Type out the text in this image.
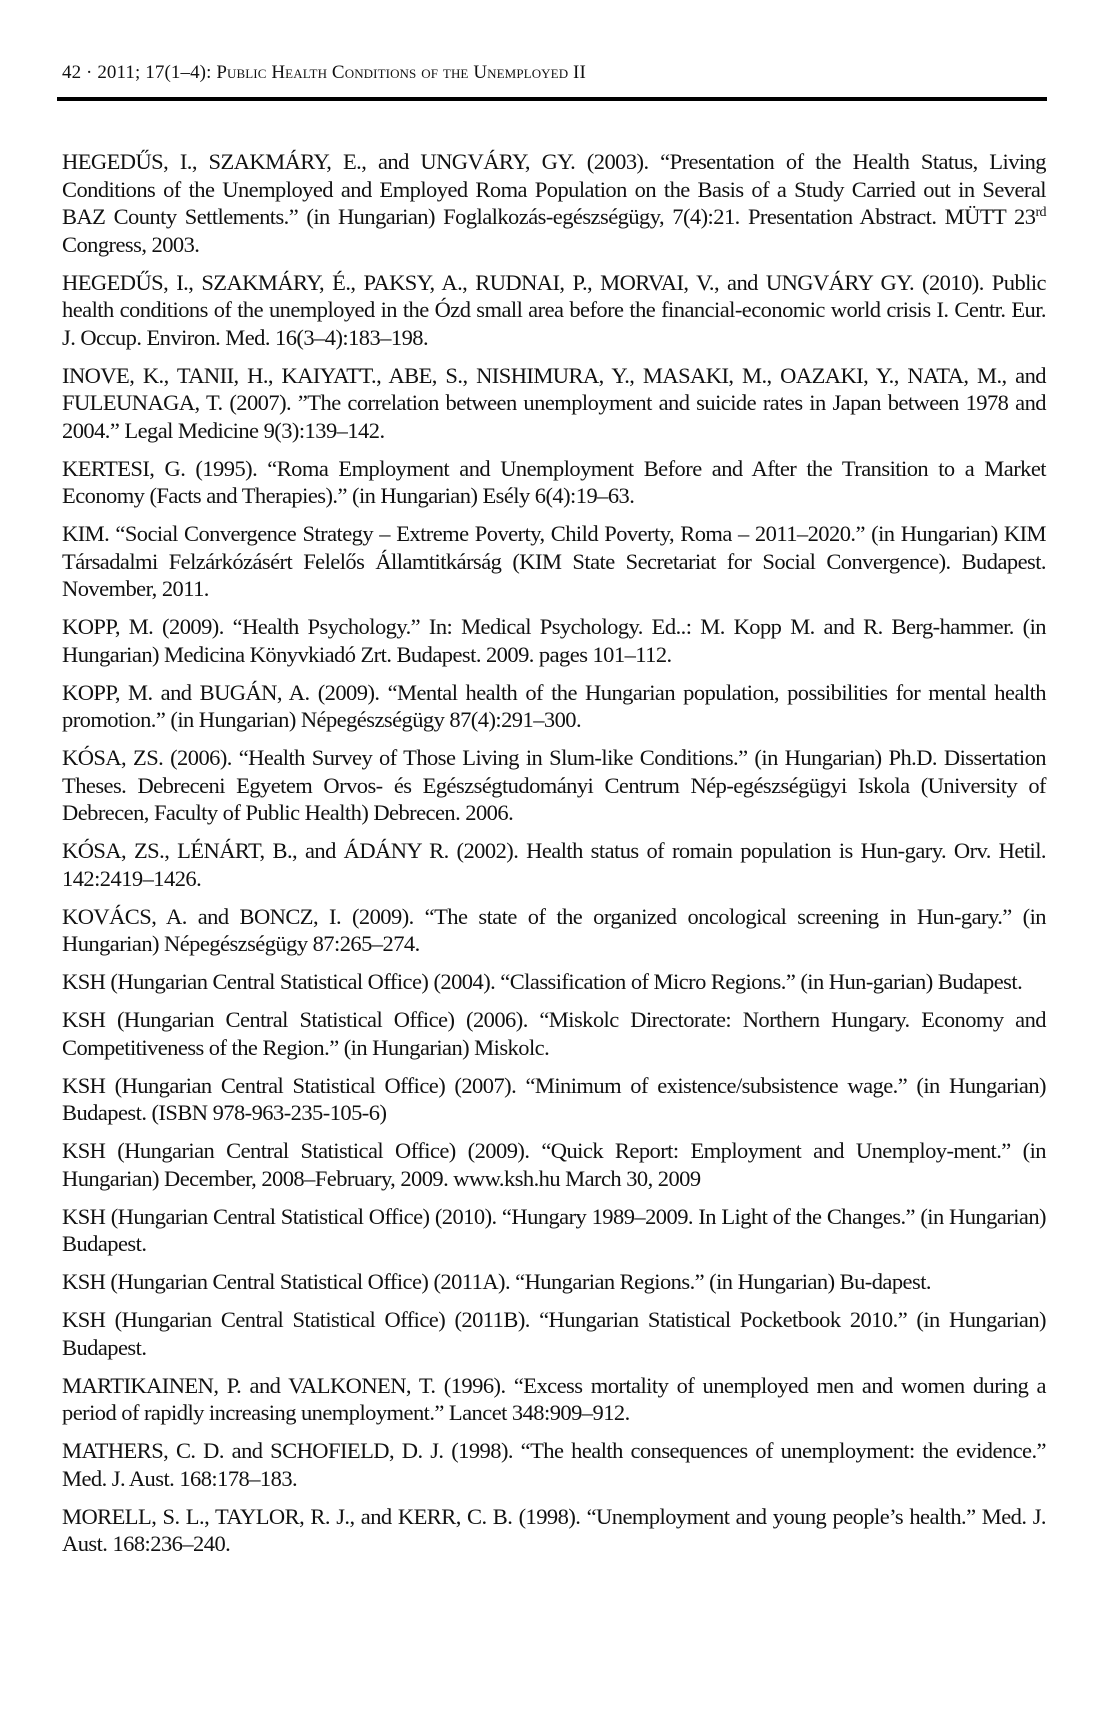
42 · 2011; 17(1–4): Public Health Conditions of the Unemployed II

HEGEDŰS, I., SZAKMÁRY, E., and UNGVÁRY, GY. (2003). “Presentation of the Health Status, Living Conditions of the Unemployed and Employed Roma Population on the Basis of a Study Carried out in Several BAZ County Settlements.” (in Hungarian) Foglalkozás-egészségügy, 7(4):21. Presentation Abstract. MÜTT 23rd Congress, 2003.

HEGEDŰS, I., SZAKMÁRY, É., PAKSY, A., RUDNAI, P., MORVAI, V., and UNGVÁRY GY. (2010). Public health conditions of the unemployed in the Ózd small area before the financial-economic world crisis I. Centr. Eur. J. Occup. Environ. Med. 16(3–4):183–198.

INOVE, K., TANII, H., KAIYATT., ABE, S., NISHIMURA, Y., MASAKI, M., OAZAKI, Y., NATA, M., and FULEUNAGA, T. (2007). ”The correlation between unemployment and suicide rates in Japan between 1978 and 2004.” Legal Medicine 9(3):139–142.

KERTESI, G. (1995). “Roma Employment and Unemployment Before and After the Transition to a Market Economy (Facts and Therapies).” (in Hungarian) Esély 6(4):19–63.

KIM. “Social Convergence Strategy – Extreme Poverty, Child Poverty, Roma – 2011–2020.” (in Hungarian) KIM Társadalmi Felzárkózásért Felelős Államtitkárság (KIM State Secretariat for Social Convergence). Budapest. November, 2011.

KOPP, M. (2009). “Health Psychology.” In: Medical Psychology. Ed..: M. Kopp M. and R. Berg-hammer. (in Hungarian) Medicina Könyvkiadó Zrt. Budapest. 2009. pages 101–112.

KOPP, M. and BUGÁN, A. (2009). “Mental health of the Hungarian population, possibilities for mental health promotion.” (in Hungarian) Népegészségügy 87(4):291–300.

KÓSA, ZS. (2006). “Health Survey of Those Living in Slum-like Conditions.” (in Hungarian) Ph.D. Dissertation Theses. Debreceni Egyetem Orvos- és Egészségtudományi Centrum Nép-egészségügyi Iskola (University of Debrecen, Faculty of Public Health) Debrecen. 2006.

KÓSA, ZS., LÉNÁRT, B., and ÁDÁNY R. (2002). Health status of romain population is Hun-gary. Orv. Hetil. 142:2419–1426.

KOVÁCS, A. and BONCZ, I. (2009). “The state of the organized oncological screening in Hun-gary.” (in Hungarian) Népegészségügy 87:265–274.

KSH (Hungarian Central Statistical Office) (2004). “Classification of Micro Regions.” (in Hun-garian) Budapest.

KSH (Hungarian Central Statistical Office) (2006). “Miskolc Directorate: Northern Hungary. Economy and Competitiveness of the Region.” (in Hungarian) Miskolc.

KSH (Hungarian Central Statistical Office) (2007). “Minimum of existence/subsistence wage.” (in Hungarian) Budapest. (ISBN 978-963-235-105-6)

KSH (Hungarian Central Statistical Office) (2009). “Quick Report: Employment and Unemploy-ment.” (in Hungarian) December, 2008–February, 2009. www.ksh.hu March 30, 2009

KSH (Hungarian Central Statistical Office) (2010). “Hungary 1989–2009. In Light of the Changes.” (in Hungarian) Budapest.

KSH (Hungarian Central Statistical Office) (2011A). “Hungarian Regions.” (in Hungarian) Bu-dapest.

KSH (Hungarian Central Statistical Office) (2011B). “Hungarian Statistical Pocketbook 2010.” (in Hungarian) Budapest.

MARTIKAINEN, P. and VALKONEN, T. (1996). “Excess mortality of unemployed men and women during a period of rapidly increasing unemployment.” Lancet 348:909–912.

MATHERS, C. D. and SCHOFIELD, D. J. (1998). “The health consequences of unemployment: the evidence.” Med. J. Aust. 168:178–183.

MORELL, S. L., TAYLOR, R. J., and KERR, C. B. (1998). “Unemployment and young people’s health.” Med. J. Aust. 168:236–240.
